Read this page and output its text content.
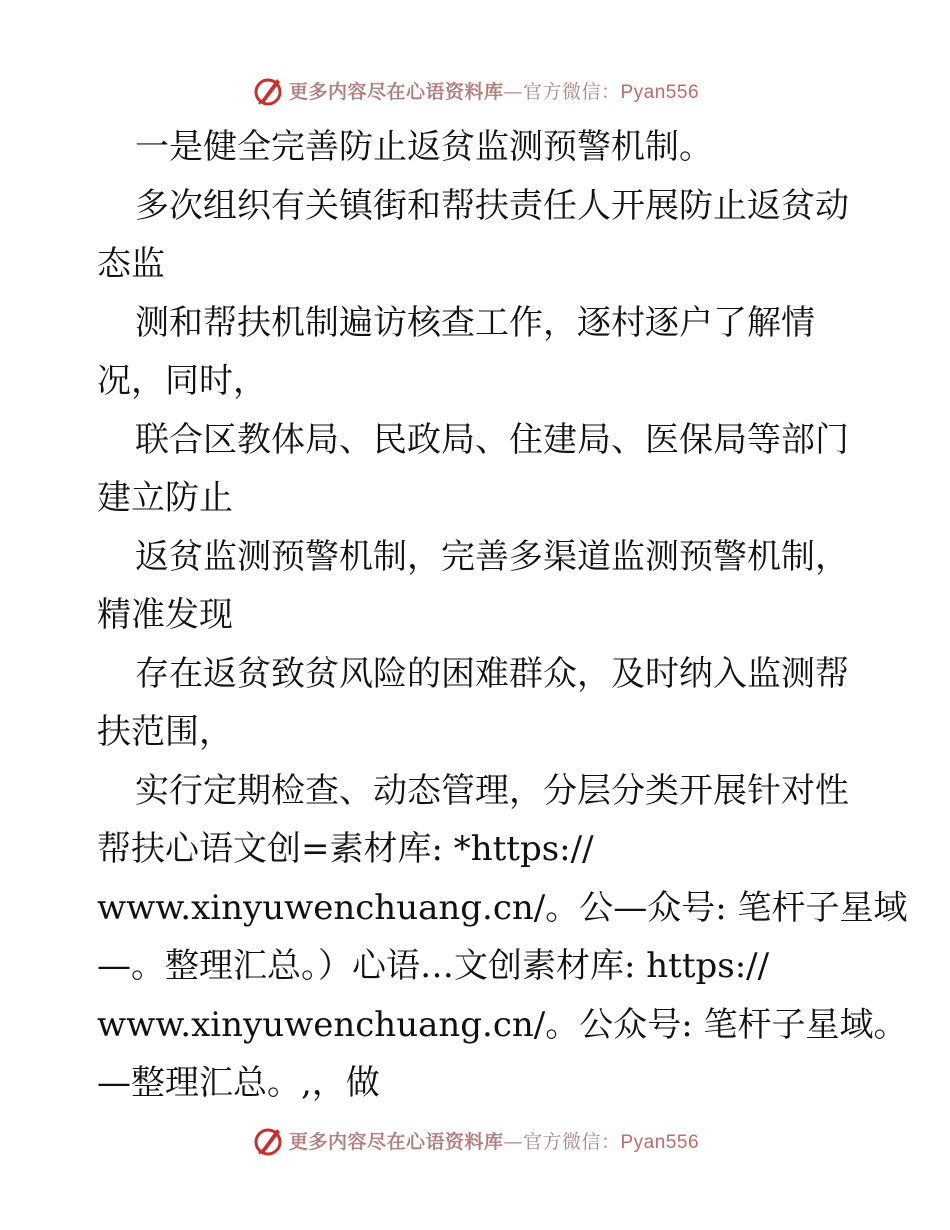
更多内容尽在心语资料库—官方微信：Pyan556
一是健全完善防止返贫监测预警机制。
多次组织有关镇街和帮扶责任人开展防止返贫动
态监
测和帮扶机制遍访核查工作，逐村逐户了解情
况，同时，
联合区教体局、民政局、住建局、医保局等部门
建立防止
返贫监测预警机制，完善多渠道监测预警机制，
精准发现
存在返贫致贫风险的困难群众，及时纳入监测帮
扶范围，
实行定期检查、动态管理，分层分类开展针对性
帮扶心语文创=素材库: *https://
www.xinyuwenchuang.cn/。公—众号: 笔杆子星域
—。整理汇总。）心语…文创素材库: https://
www.xinyuwenchuang.cn/。公众号: 笔杆子星域。
—整理汇总。,，做
更多内容尽在心语资料库—官方微信：Pyan556
